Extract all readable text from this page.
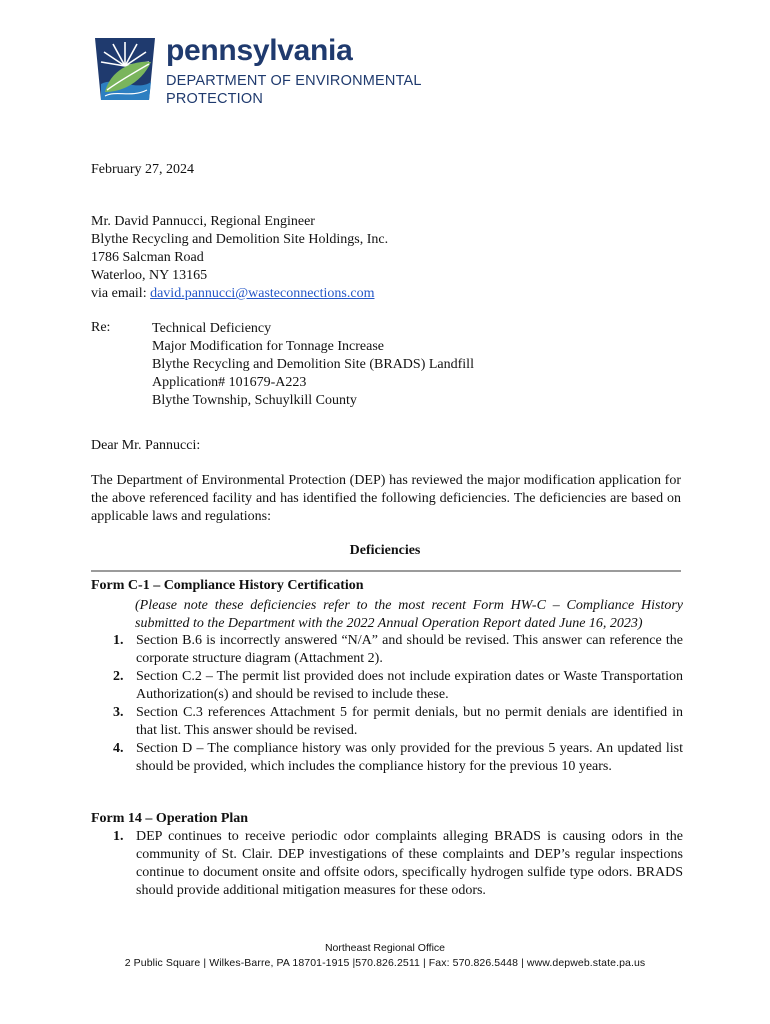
pennsylvania
DEPARTMENT OF ENVIRONMENTAL
PROTECTION
February 27, 2024
Mr. David Pannucci, Regional Engineer
Blythe Recycling and Demolition Site Holdings, Inc.
1786 Salcman Road
Waterloo, NY 13165
via email: david.pannucci@wasteconnections.com
Re:	Technical Deficiency
Major Modification for Tonnage Increase
Blythe Recycling and Demolition Site (BRADS) Landfill
Application# 101679-A223
Blythe Township, Schuylkill County
Dear Mr. Pannucci:
The Department of Environmental Protection (DEP) has reviewed the major modification application for the above referenced facility and has identified the following deficiencies. The deficiencies are based on applicable laws and regulations:
Deficiencies
Form C-1 – Compliance History Certification
(Please note these deficiencies refer to the most recent Form HW-C – Compliance History submitted to the Department with the 2022 Annual Operation Report dated June 16, 2023)
1. Section B.6 is incorrectly answered “N/A” and should be revised. This answer can reference the corporate structure diagram (Attachment 2).
2. Section C.2 – The permit list provided does not include expiration dates or Waste Transportation Authorization(s) and should be revised to include these.
3. Section C.3 references Attachment 5 for permit denials, but no permit denials are identified in that list. This answer should be revised.
4. Section D – The compliance history was only provided for the previous 5 years. An updated list should be provided, which includes the compliance history for the previous 10 years.
Form 14 – Operation Plan
1. DEP continues to receive periodic odor complaints alleging BRADS is causing odors in the community of St. Clair. DEP investigations of these complaints and DEP’s regular inspections continue to document onsite and offsite odors, specifically hydrogen sulfide type odors. BRADS should provide additional mitigation measures for these odors.
Northeast Regional Office
2 Public Square | Wilkes-Barre, PA 18701-1915 |570.826.2511 | Fax: 570.826.5448 | www.depweb.state.pa.us
